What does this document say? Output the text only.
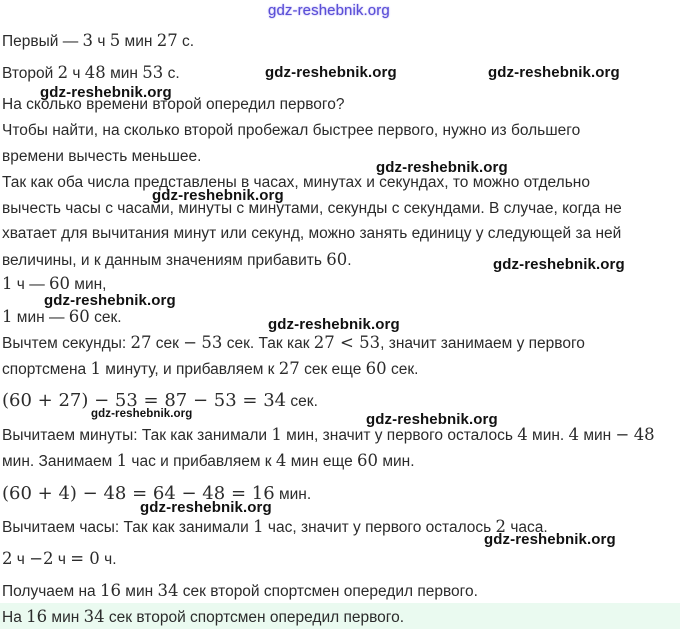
gdz-reshebnik.org
Первый — 3 ч 5 мин 27 с.
Второй 2 ч 48 мин 53 с.
На сколько времени второй опередил первого?
Чтобы найти, на сколько второй пробежал быстрее первого, нужно из большего
времени вычесть меньшее.
Так как оба числа представлены в часах, минутах и секундах, то можно отдельно
вычесть часы с часами, минуты с минутами, секунды с секундами. В случае, когда не
хватает для вычитания минут или секунд, можно занять единицу у следующей за ней
величины, и к данным значениям прибавить 60.
1 ч — 60 мин,
1 мин — 60 сек.
Вычтем секунды: 27 сек − 53 сек. Так как 27 < 53, значит занимаем у первого
спортсмена 1 минуту, и прибавляем к 27 сек еще 60 сек.
(60 + 27) − 53 = 87 − 53 = 34 сек.
Вычитаем минуты: Так как занимали 1 мин, значит у первого осталось 4 мин. 4 мин − 48
мин. Занимаем 1 час и прибавляем к 4 мин еще 60 мин.
(60 + 4) − 48 = 64 − 48 = 16 мин.
Вычитаем часы: Так как занимали 1 час, значит у первого осталось 2 часа.
2 ч −2 ч = 0 ч.
Получаем на 16 мин 34 сек второй спортсмен опередил первого.
На 16 мин 34 сек второй спортсмен опередил первого.
gdz-reshebnik.org	gdz-reshebnik.org
gdz-reshebnik.org
gdz-reshebnik.org
gdz-reshebnik.org
gdz-reshebnik.org
gdz-reshebnik.org
gdz-reshebnik.org
gdz-reshebnik.org	gdz-reshebnik.org
gdz-reshebnik.org
gdz-reshebnik.org
